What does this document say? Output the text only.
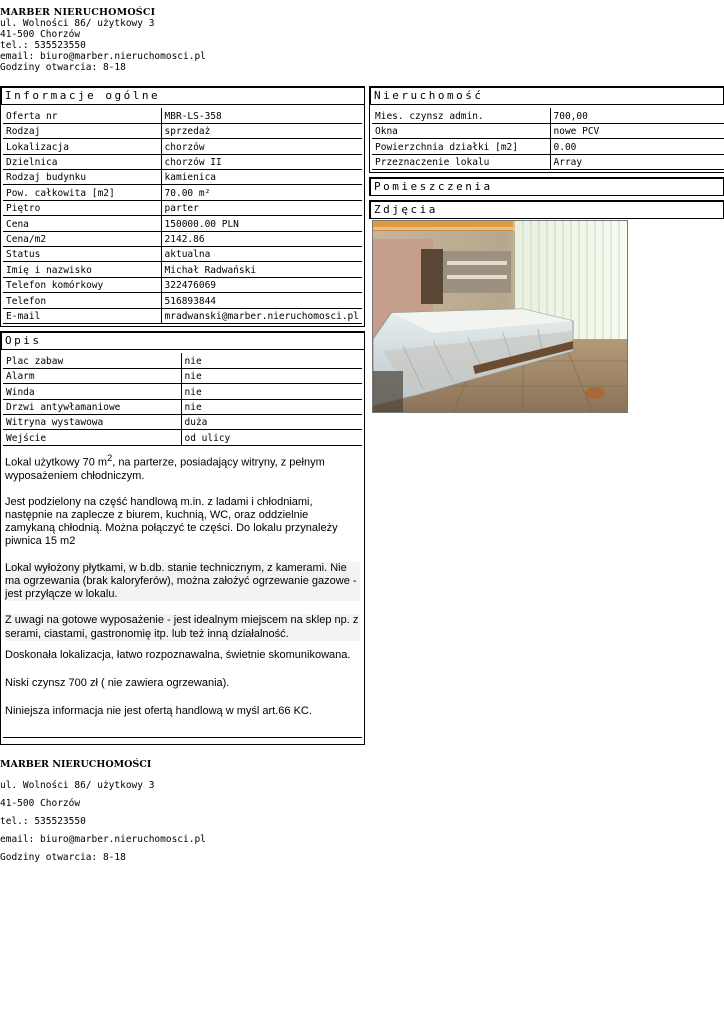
MARBER NIERUCHOMOŚCI
ul. Wolności 86/ użytkowy 3
41-500 Chorzów
tel.: 535523550
email: biuro@marber.nieruchomosci.pl
Godziny otwarcia: 8-18
Informacje ogólne
Oferta nr	MBR-LS-358
Rodzaj	sprzedaż
Lokalizacja	chorzów
Dzielnica	chorzów II
Rodzaj budynku	kamienica
Pow. całkowita [m2]	70.00 m²
Piętro	parter
Cena	150000.00 PLN
Cena/m2	2142.86
Status	aktualna
Imię i nazwisko	Michał Radwański
Telefon komórkowy	322476069
Telefon	516893844
E-mail	mradwanski@marber.nieruchomosci.pl
Opis
Plac zabaw	nie
Alarm	nie
Winda	nie
Drzwi antywłamaniowe	nie
Witryna wystawowa	duża
Wejście	od ulicy

Lokal użytkowy 70 $m^2$, na parterze, posiadający witryny, z pełnym wyposażeniem chłodniczym.

Jest podzielony na część handlową m.in. z ladami i chłodniami, następnie na zaplecze z biurem, kuchnią, WC, oraz oddzielnie zamykaną chłodnią. Można połączyć te części. Do lokalu przynależy piwnica 15 m2

Lokal wyłożony płytkami, w b.db. stanie technicznym, z kamerami. Nie ma ogrzewania (brak kaloryferów), można założyć ogrzewanie gazowe - jest przyłącze w lokalu.

Z uwagi na gotowe wyposażenie - jest idealnym miejscem na sklep np. z serami, ciastami, gastronomię itp. lub też inną działalność.

Doskonała lokalizacja, łatwo rozpoznawalna, świetnie skomunikowana.

Niski czynsz 700 zł ( nie zawiera ogrzewania).

Niniejsza informacja nie jest ofertą handlową w myśl art.66 KC.

Nieruchomość
Mies. czynsz admin.	700,00
Okna	nowe PCV
Powierzchnia działki [m2]	0.00
Przeznaczenie lokalu	Array
Pomieszczenia
Zdjęcia
MARBER NIERUCHOMOŚCI
ul. Wolności 86/ użytkowy 3
41-500 Chorzów
tel.: 535523550
email: biuro@marber.nieruchomosci.pl
Godziny otwarcia: 8-18
